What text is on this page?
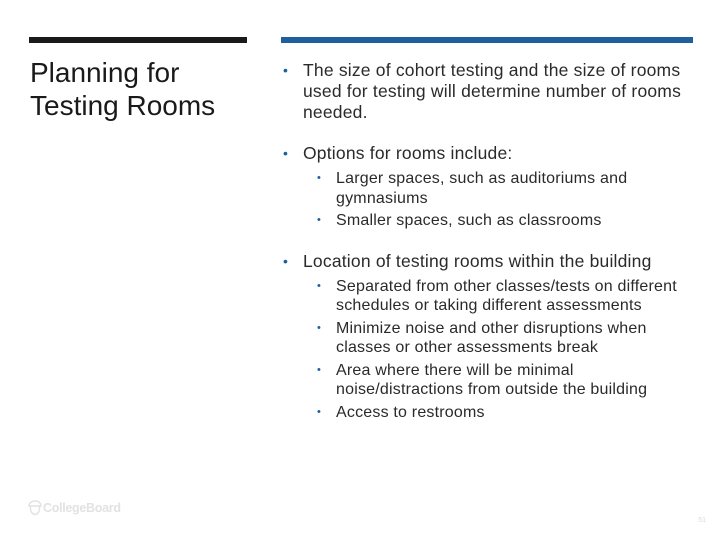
Planning for Testing Rooms
• The size of cohort testing and the size of rooms used for testing will determine number of rooms needed.
• Options for rooms include:
• Larger spaces, such as auditoriums and gymnasiums
• Smaller spaces, such as classrooms
• Location of testing rooms within the building
• Separated from other classes/tests on different schedules or taking different assessments
• Minimize noise and other disruptions when classes or other assessments break
• Area where there will be minimal noise/distractions from outside the building
• Access to restrooms
CollegeBoard
51
